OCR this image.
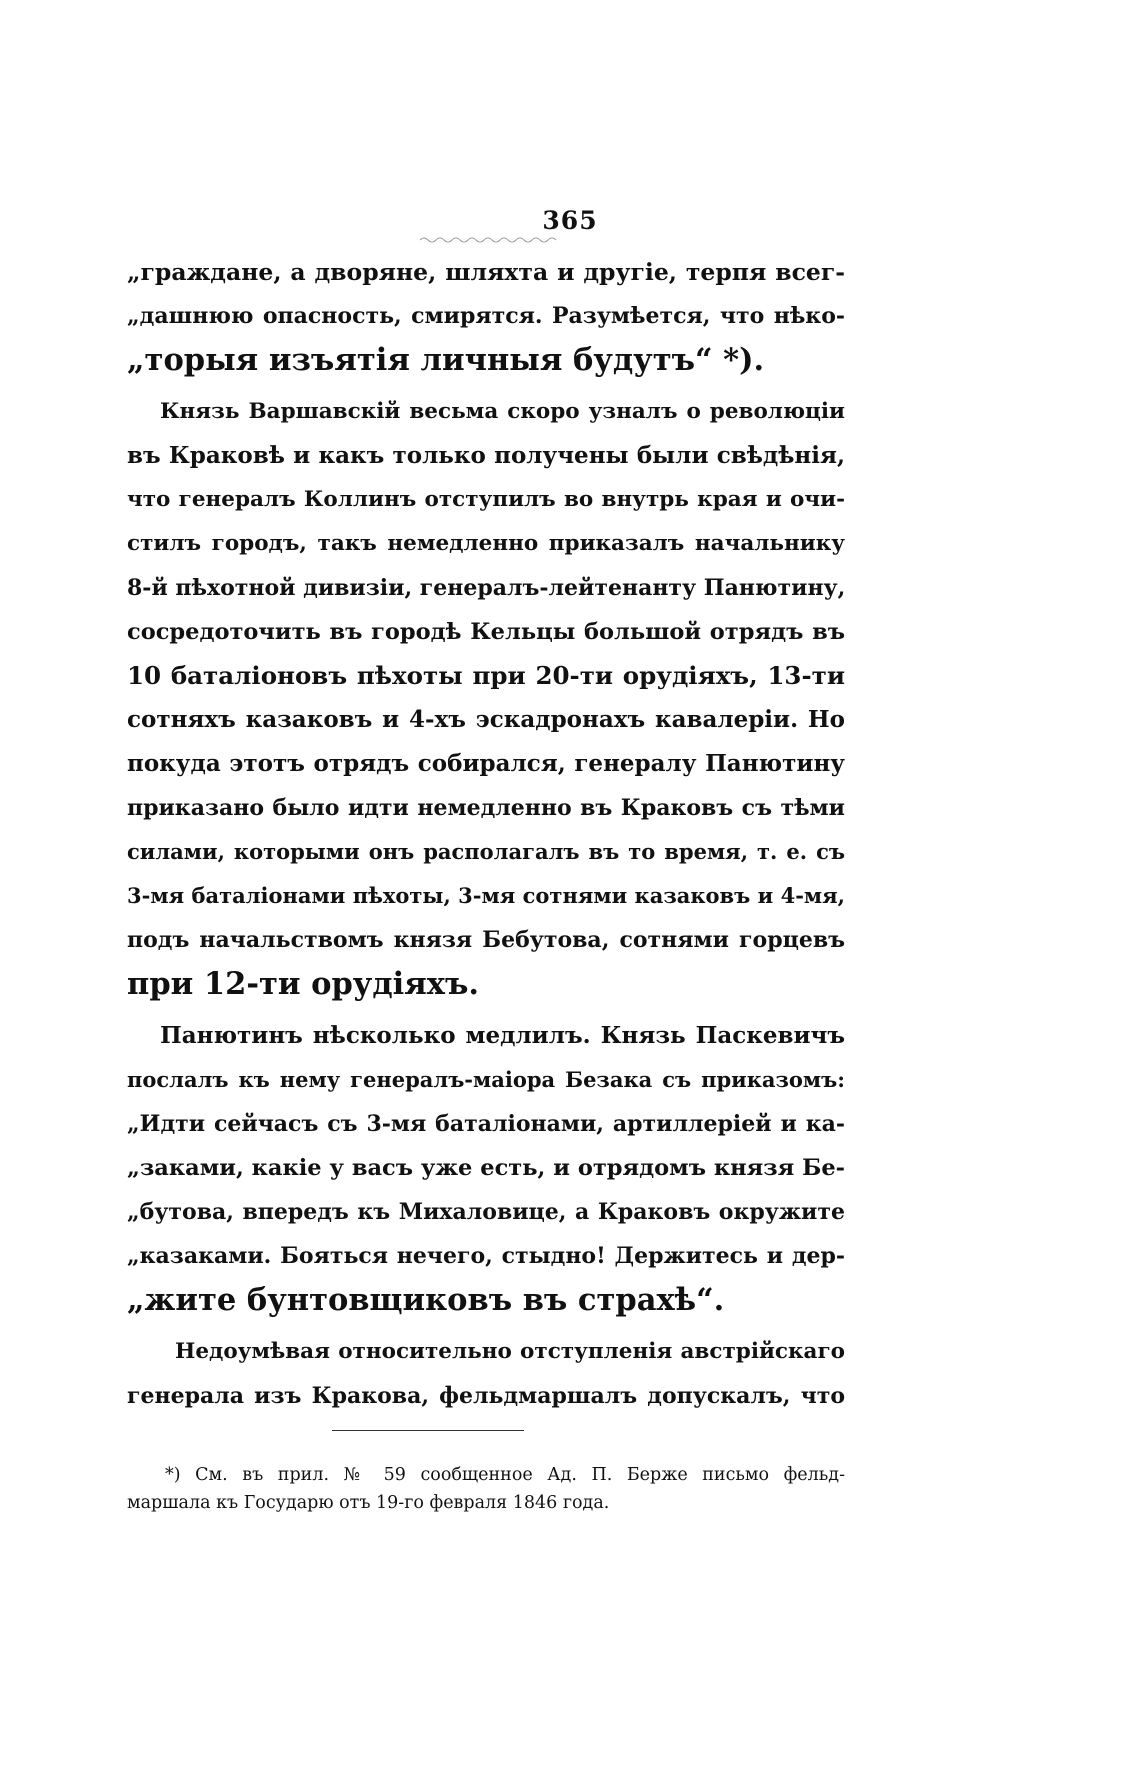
365
„граждане, а дворяне, шляхта и другіе, терпя всег-
„дашнюю опасность, смирятся. Разумѣется, что нѣко-
„торыя изъятія личныя будутъ“ *).
Князь Варшавскій весьма скоро узналъ о революціи
въ Краковѣ и какъ только получены были свѣдѣнія,
что генералъ Коллинъ отступилъ во внутрь края и очи-
стилъ городъ, такъ немедленно приказалъ начальнику
8-й пѣхотной дивизіи, генералъ-лейтенанту Панютину,
сосредоточить въ городѣ Кельцы большой отрядъ въ
10 баталіоновъ пѣхоты при 20-ти орудіяхъ, 13-ти
сотняхъ казаковъ и 4-хъ эскадронахъ кавалеріи. Но
покуда этотъ отрядъ собирался, генералу Панютину
приказано было идти немедленно въ Краковъ съ тѣми
силами, которыми онъ располагалъ въ то время, т. е. съ
3-мя баталіонами пѣхоты, 3-мя сотнями казаковъ и 4-мя,
подъ начальствомъ князя Бебутова, сотнями горцевъ
при 12-ти орудіяхъ.
Панютинъ нѣсколько медлилъ. Князь Паскевичъ
послалъ къ нему генералъ-маіора Безака съ приказомъ:
„Идти сейчасъ съ 3-мя баталіонами, артиллеріей и ка-
„заками, какіе у васъ уже есть, и отрядомъ князя Бе-
„бутова, впередъ къ Михаловице, а Краковъ окружите
„казаками. Бояться нечего, стыдно! Держитесь и дер-
„жите бунтовщиковъ въ страхѣ“.
Недоумѣвая относительно отступленія австрійскаго
генерала изъ Кракова, фельдмаршалъ допускалъ, что
*) См. въ прил. № 59 сообщенное Ад. П. Берже письмо фельд-
маршала къ Государю отъ 19-го февраля 1846 года.
